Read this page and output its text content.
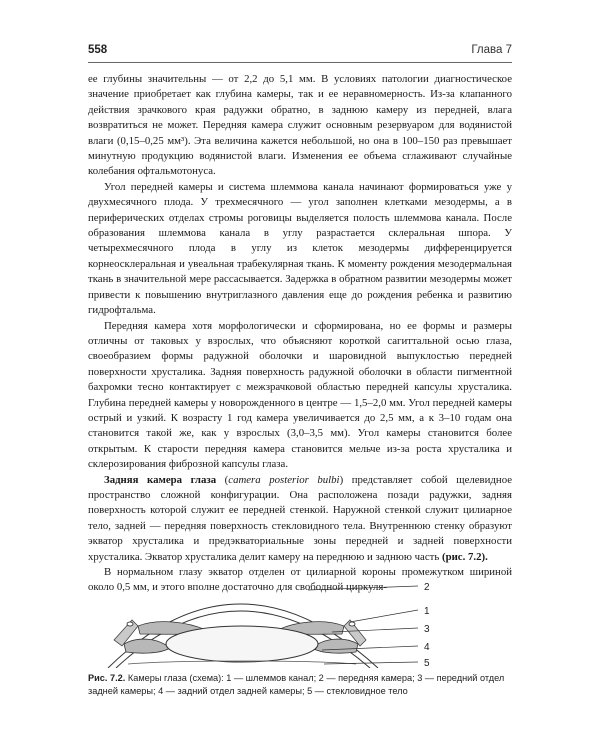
558	Глава 7

ее глубины значительны — от 2,2 до 5,1 мм. В условиях патологии диагностическое значение приобретает как глубина камеры, так и ее неравномерность. Из-за клапанного действия зрачкового края радужки обратно, в заднюю камеру из передней, влага возвратиться не может. Передняя камера служит основным резервуаром для водянистой влаги (0,15–0,25 мм³). Эта величина кажется небольшой, но она в 100–150 раз превышает минутную продукцию водянистой влаги. Изменения ее объема сглаживают случайные колебания офтальмотонуса.

Угол передней камеры и система шлеммова канала начинают формироваться уже у двухмесячного плода. У трехмесячного — угол заполнен клетками мезодермы, а в периферических отделах стромы роговицы выделяется полость шлеммова канала. После образования шлеммова канала в углу разрастается склеральная шпора. У четырехмесячного плода в углу из клеток мезодермы дифференцируется корнеосклеральная и увеальная трабекулярная ткань. К моменту рождения мезодермальная ткань в значительной мере рассасывается. Задержка в обратном развитии мезодермы может привести к повышению внутриглазного давления еще до рождения ребенка и развитию гидрофтальма.

Передняя камера хотя морфологически и сформирована, но ее формы и размеры отличны от таковых у взрослых, что объясняют короткой сагиттальной осью глаза, своеобразием формы радужной оболочки и шаровидной выпуклостью передней поверхности хрусталика. Задняя поверхность радужной оболочки в области пигментной бахромки тесно контактирует с межзрачковой областью передней капсулы хрусталика. Глубина передней камеры у новорожденного в центре — 1,5–2,0 мм. Угол передней камеры острый и узкий. К возрасту 1 год камера увеличивается до 2,5 мм, а к 3–10 годам она становится такой же, как у взрослых (3,0–3,5 мм). Угол камеры становится более открытым. К старости передняя камера становится мельче из-за роста хрусталика и склерозирования фиброзной капсулы глаза.

Задняя камера глаза (camera posterior bulbi) представляет собой щелевидное пространство сложной конфигурации. Она расположена позади радужки, задняя поверхность которой служит ее передней стенкой. Наружной стенкой служит цилиарное тело, задней — передняя поверхность стекловидного тела. Внутреннюю стенку образуют экватор хрусталика и предэкваториальные зоны передней и задней поверхности хрусталика. Экватор хрусталика делит камеру на переднюю и заднюю часть (рис. 7.2).

В нормальном глазу экватор отделен от цилиарной короны промежутком шириной около 0,5 мм, и этого вполне достаточно для свободной циркуля-	2
1
3
4
5
Рис. 7.2. Камеры глаза (схема): 1 — шлеммов канал; 2 — передняя камера; 3 — передний отдел задней камеры; 4 — задний отдел задней камеры; 5 — стекловидное тело
